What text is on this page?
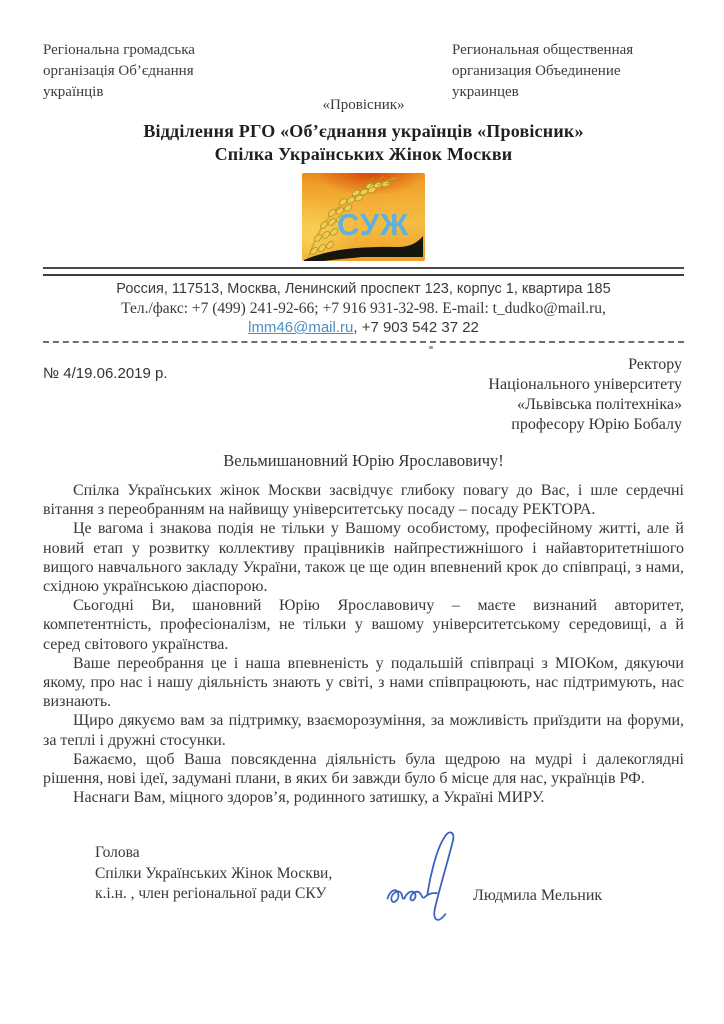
Регіональна громадська
організація Об’єднання
українців
Региональная общественная
организация Объединение
украинцев
«Провісник»
Відділення РГО «Об’єднання українців «Провісник»
Спілка Українських Жінок Москви
СУЖ
Россия, 117513, Москва, Ленинский проспект 123, корпус 1, квартира 185
Тел./факс: +7 (499) 241-92-66; +7 916 931-32-98. E-mail: t_dudko@mail.ru,
lmm46@mail.ru, +7 903 542 37 22
№ 4/19.06.2019 р.
Ректору
Національного університету
«Львівська політехніка»
професору Юрію Бобалу
Вельмишановний Юрію Ярославовичу!

Спілка Українських жінок Москви засвідчує глибоку повагу до Вас, і шле сердечні вітання з переобранням на найвищу університетську посаду – посаду РЕКТОРА.

Це вагома і знакова подія не тільки у Вашому особистому, професійному житті, але й новий етап у розвитку коллективу працівників найпрестижнішого і найавторитетнішого вищого навчального закладу України, також це ще один впевнений крок до співпраці, з нами, східною українською діаспорою.

Сьогодні Ви, шановний Юрію Ярославовичу – маєте визнаний авторитет, компетентність, професіоналізм, не тільки у вашому університетському середовищі, а й серед світового українства.

Ваше переобрання це і наша впевненість у подальшій співпраці з МІОКом, дякуючи якому, про нас і нашу діяльність знають у світі, з нами співпрацюють, нас підтримують, нас визнають.

Щиро дякуємо вам за підтримку, взаєморозуміння, за можливість приїздити на форуми, за теплі і дружні стосунки.

Бажаємо, щоб Ваша повсякденна діяльність була щедрою на мудрі і далекоглядні рішення, нові ідеї, задумані плани, в яких би завжди було б місце для нас, українців РФ.

Наснаги Вам, міцного здоров’я, родинного затишку, а Україні МИРУ.

Голова
Спілки Українських Жінок Москви,
к.і.н. , член регіональної ради СКУ	Людмила Мельник
